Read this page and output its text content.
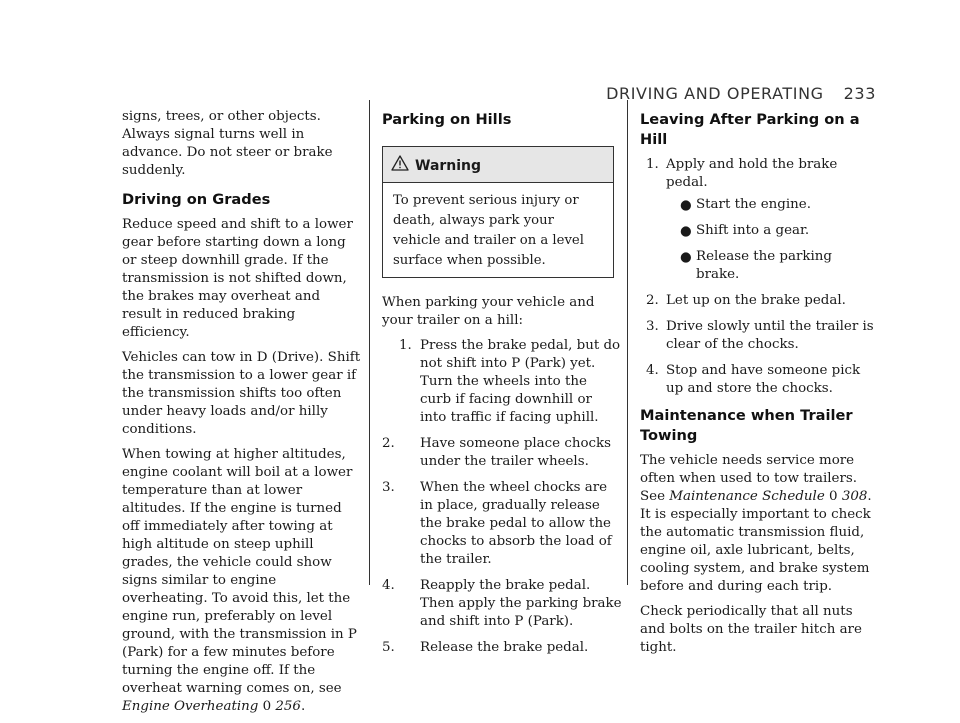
DRIVING AND OPERATING 233

signs, trees, or other objects. Always signal turns well in advance. Do not steer or brake suddenly.

Driving on Grades

Reduce speed and shift to a lower gear before starting down a long or steep downhill grade. If the transmission is not shifted down, the brakes may overheat and result in reduced braking efficiency.

Vehicles can tow in D (Drive). Shift the transmission to a lower gear if the transmission shifts too often under heavy loads and/or hilly conditions.

When towing at higher altitudes, engine coolant will boil at a lower temperature than at lower altitudes. If the engine is turned off immediately after towing at high altitude on steep uphill grades, the vehicle could show signs similar to engine overheating. To avoid this, let the engine run, preferably on level ground, with the transmission in P (Park) for a few minutes before turning the engine off. If the overheat warning comes on, see Engine Overheating 0 256.

Parking on Hills
Warning
To prevent serious injury or death, always park your vehicle and trailer on a level surface when possible.

When parking your vehicle and your trailer on a hill:

1. Press the brake pedal, but do not shift into P (Park) yet. Turn the wheels into the curb if facing downhill or into traffic if facing uphill.
2. Have someone place chocks under the trailer wheels.
3. When the wheel chocks are in place, gradually release the brake pedal to allow the chocks to absorb the load of the trailer.
4. Reapply the brake pedal. Then apply the parking brake and shift into P (Park).
5. Release the brake pedal.
Leaving After Parking on a Hill
1. Apply and hold the brake pedal.
● Start the engine.
● Shift into a gear.
● Release the parking brake.
2. Let up on the brake pedal.
3. Drive slowly until the trailer is clear of the chocks.
4. Stop and have someone pick up and store the chocks.
Maintenance when Trailer Towing

The vehicle needs service more often when used to tow trailers. See Maintenance Schedule 0 308. It is especially important to check the automatic transmission fluid, engine oil, axle lubricant, belts, cooling system, and brake system before and during each trip.

Check periodically that all nuts and bolts on the trailer hitch are tight.
